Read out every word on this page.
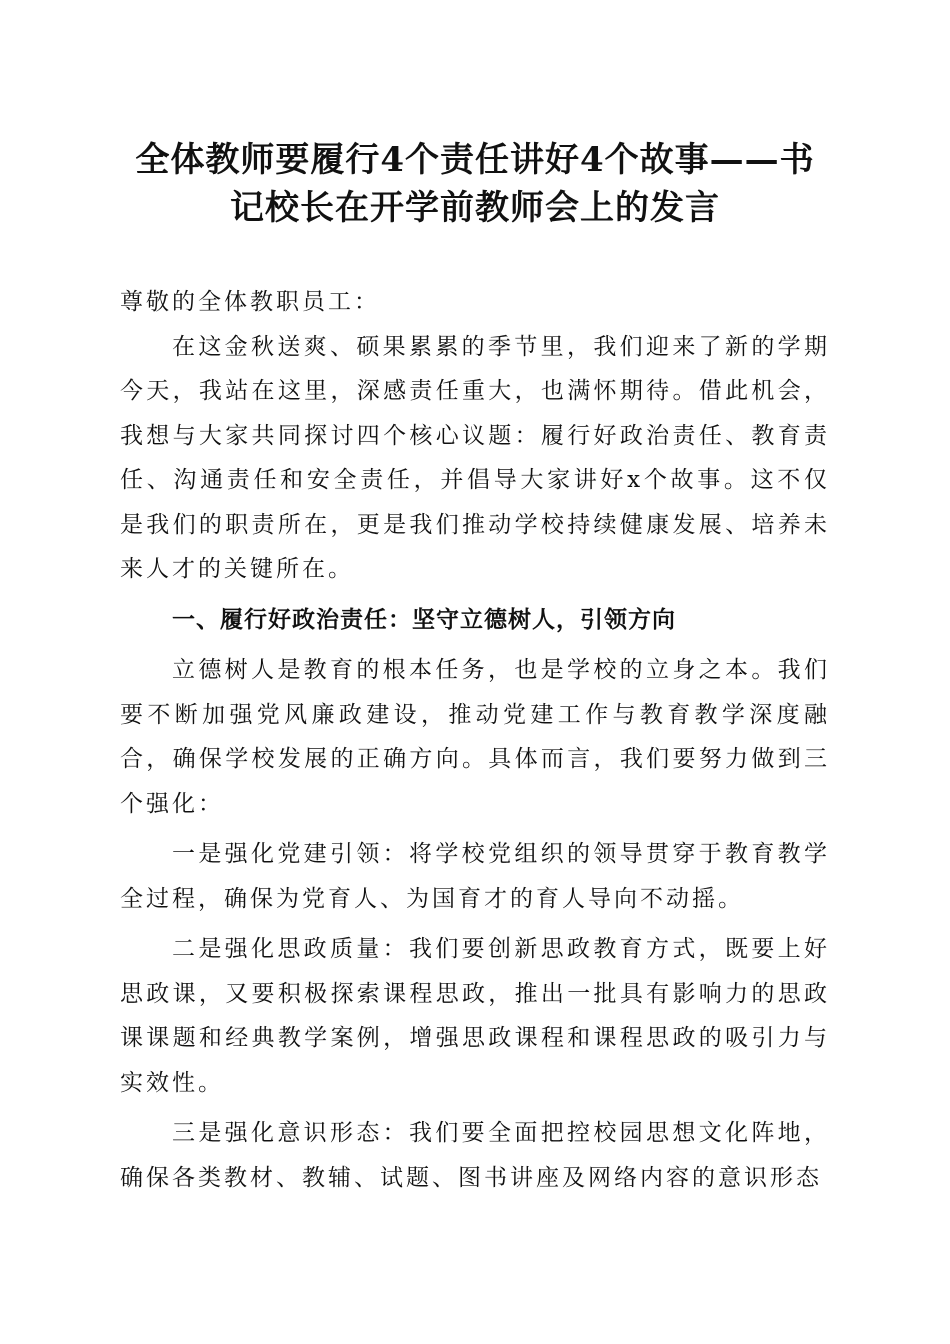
全体教师要履行4个责任讲好4个故事——书
记校长在开学前教师会上的发言

尊敬的全体教职员工：

在这金秋送爽、硕果累累的季节里，我们迎来了新的学期今天，我站在这里，深感责任重大，也满怀期待。借此机会，我想与大家共同探讨四个核心议题：履行好政治责任、教育责任、沟通责任和安全责任，并倡导大家讲好x个故事。这不仅是我们的职责所在，更是我们推动学校持续健康发展、培养未来人才的关键所在。

一、履行好政治责任：坚守立德树人，引领方向

立德树人是教育的根本任务，也是学校的立身之本。我们要不断加强党风廉政建设，推动党建工作与教育教学深度融合，确保学校发展的正确方向。具体而言，我们要努力做到三个强化：

一是强化党建引领：将学校党组织的领导贯穿于教育教学全过程，确保为党育人、为国育才的育人导向不动摇。

二是强化思政质量：我们要创新思政教育方式，既要上好思政课，又要积极探索课程思政，推出一批具有影响力的思政课课题和经典教学案例，增强思政课程和课程思政的吸引力与实效性。

三是强化意识形态：我们要全面把控校园思想文化阵地，确保各类教材、教辅、试题、图书讲座及网络内容的意识形态
